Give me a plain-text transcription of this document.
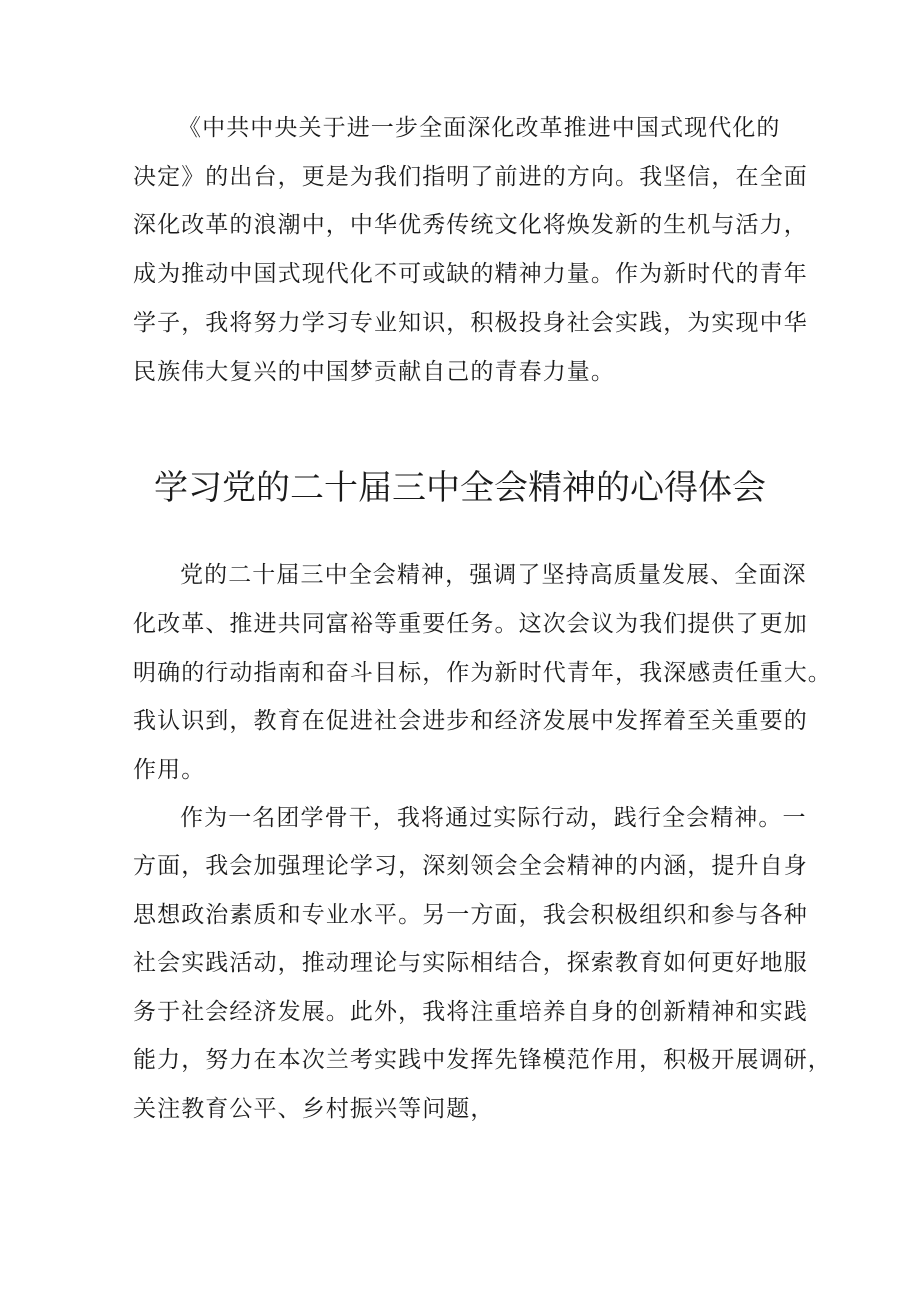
《中共中央关于进一步全面深化改革推进中国式现代化的

决定》的出台，更是为我们指明了前进的方向。我坚信，在全面

深化改革的浪潮中，中华优秀传统文化将焕发新的生机与活力，

成为推动中国式现代化不可或缺的精神力量。作为新时代的青年

学子，我将努力学习专业知识，积极投身社会实践，为实现中华

民族伟大复兴的中国梦贡献自己的青春力量。

学习党的二十届三中全会精神的心得体会

党的二十届三中全会精神，强调了坚持高质量发展、全面深

化改革、推进共同富裕等重要任务。这次会议为我们提供了更加

明确的行动指南和奋斗目标，作为新时代青年，我深感责任重大。

我认识到，教育在促进社会进步和经济发展中发挥着至关重要的

作用。

作为一名团学骨干，我将通过实际行动，践行全会精神。一

方面，我会加强理论学习，深刻领会全会精神的内涵，提升自身

思想政治素质和专业水平。另一方面，我会积极组织和参与各种

社会实践活动，推动理论与实际相结合，探索教育如何更好地服

务于社会经济发展。此外，我将注重培养自身的创新精神和实践

能力，努力在本次兰考实践中发挥先锋模范作用，积极开展调研，

关注教育公平、乡村振兴等问题，
